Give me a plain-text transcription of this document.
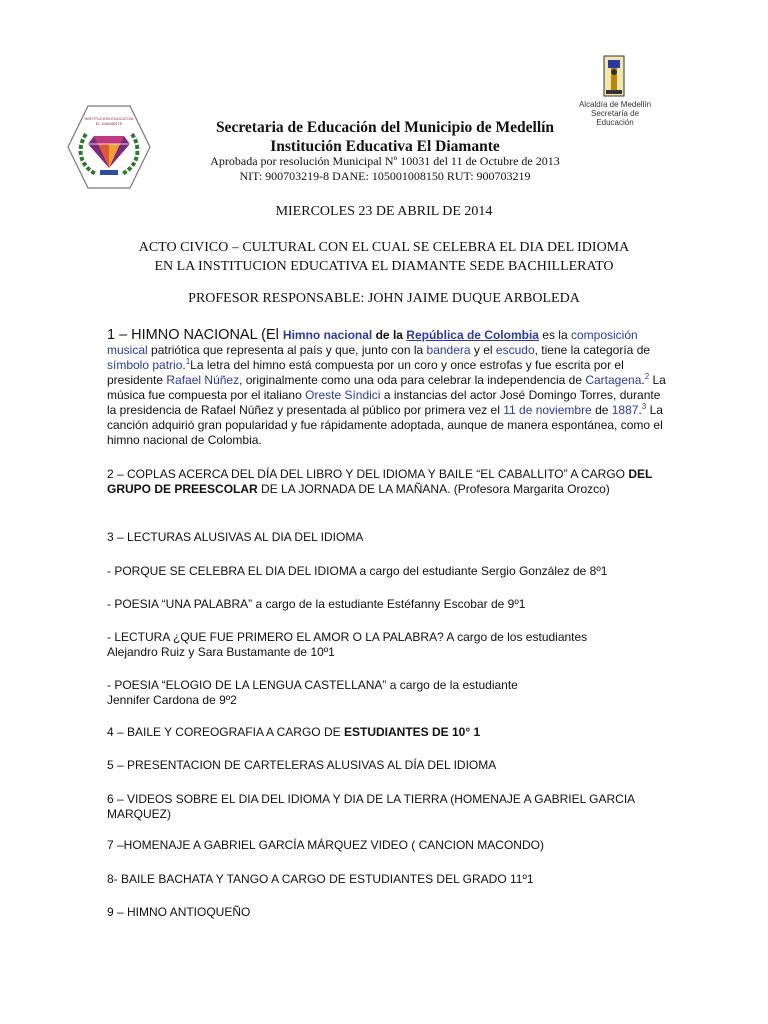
INSTITUCION EDUCATIVA
EL DIAMANTE
Alcaldía de Medellín
Secretaría de Educación
Secretaria de Educación del Municipio de Medellín
Institución Educativa El Diamante
Aprobada por resolución Municipal Nº 10031 del 11 de Octubre de 2013
NIT: 900703219-8 DANE: 105001008150 RUT: 900703219
MIERCOLES 23 DE ABRIL DE 2014
ACTO CIVICO – CULTURAL CON EL CUAL SE CELEBRA EL DIA DEL IDIOMA
EN LA INSTITUCION EDUCATIVA EL DIAMANTE SEDE BACHILLERATO
PROFESOR RESPONSABLE: JOHN JAIME DUQUE ARBOLEDA
1 – HIMNO NACIONAL (El Himno nacional de la República de Colombia es la composición musical patriótica que representa al país y que, junto con la bandera y el escudo, tiene la categoría de símbolo patrio.$^1$La letra del himno está compuesta por un coro y once estrofas y fue escrita por el presidente Rafael Núñez, originalmente como una oda para celebrar la independencia de Cartagena.$^2$ La música fue compuesta por el italiano Oreste Síndici a instancias del actor José Domingo Torres, durante la presidencia de Rafael Núñez y presentada al público por primera vez el 11 de noviembre de 1887.$^3$ La canción adquirió gran popularidad y fue rápidamente adoptada, aunque de manera espontánea, como el himno nacional de Colombia.
2 – COPLAS ACERCA DEL DÍA DEL LIBRO Y DEL IDIOMA Y BAILE “EL CABALLITO” A CARGO DEL GRUPO DE PREESCOLAR DE LA JORNADA DE LA MAÑANA. (Profesora Margarita Orozco)
3 – LECTURAS ALUSIVAS AL DIA DEL IDIOMA
- PORQUE SE CELEBRA EL DIA DEL IDIOMA a cargo del estudiante Sergio González de 8º1
- POESIA “UNA PALABRA” a cargo de la estudiante Estéfanny Escobar de 9º1
- LECTURA ¿QUE FUE PRIMERO EL AMOR O LA PALABRA? A cargo de los estudiantes
Alejandro Ruiz y Sara Bustamante de 10º1
- POESIA “ELOGIO DE LA LENGUA CASTELLANA” a cargo de la estudiante
Jennifer Cardona de 9º2
4 – BAILE Y COREOGRAFIA A CARGO DE ESTUDIANTES DE 10° 1
5 – PRESENTACION DE CARTELERAS ALUSIVAS AL DÍA DEL IDIOMA
6 – VIDEOS SOBRE EL DIA DEL IDIOMA Y DIA DE LA TIERRA (HOMENAJE A GABRIEL GARCIA MARQUEZ)
7 –HOMENAJE A GABRIEL GARCÍA MÁRQUEZ VIDEO ( CANCION MACONDO)
8- BAILE BACHATA Y TANGO A CARGO DE ESTUDIANTES DEL GRADO 11º1
9 – HIMNO ANTIOQUEÑO
